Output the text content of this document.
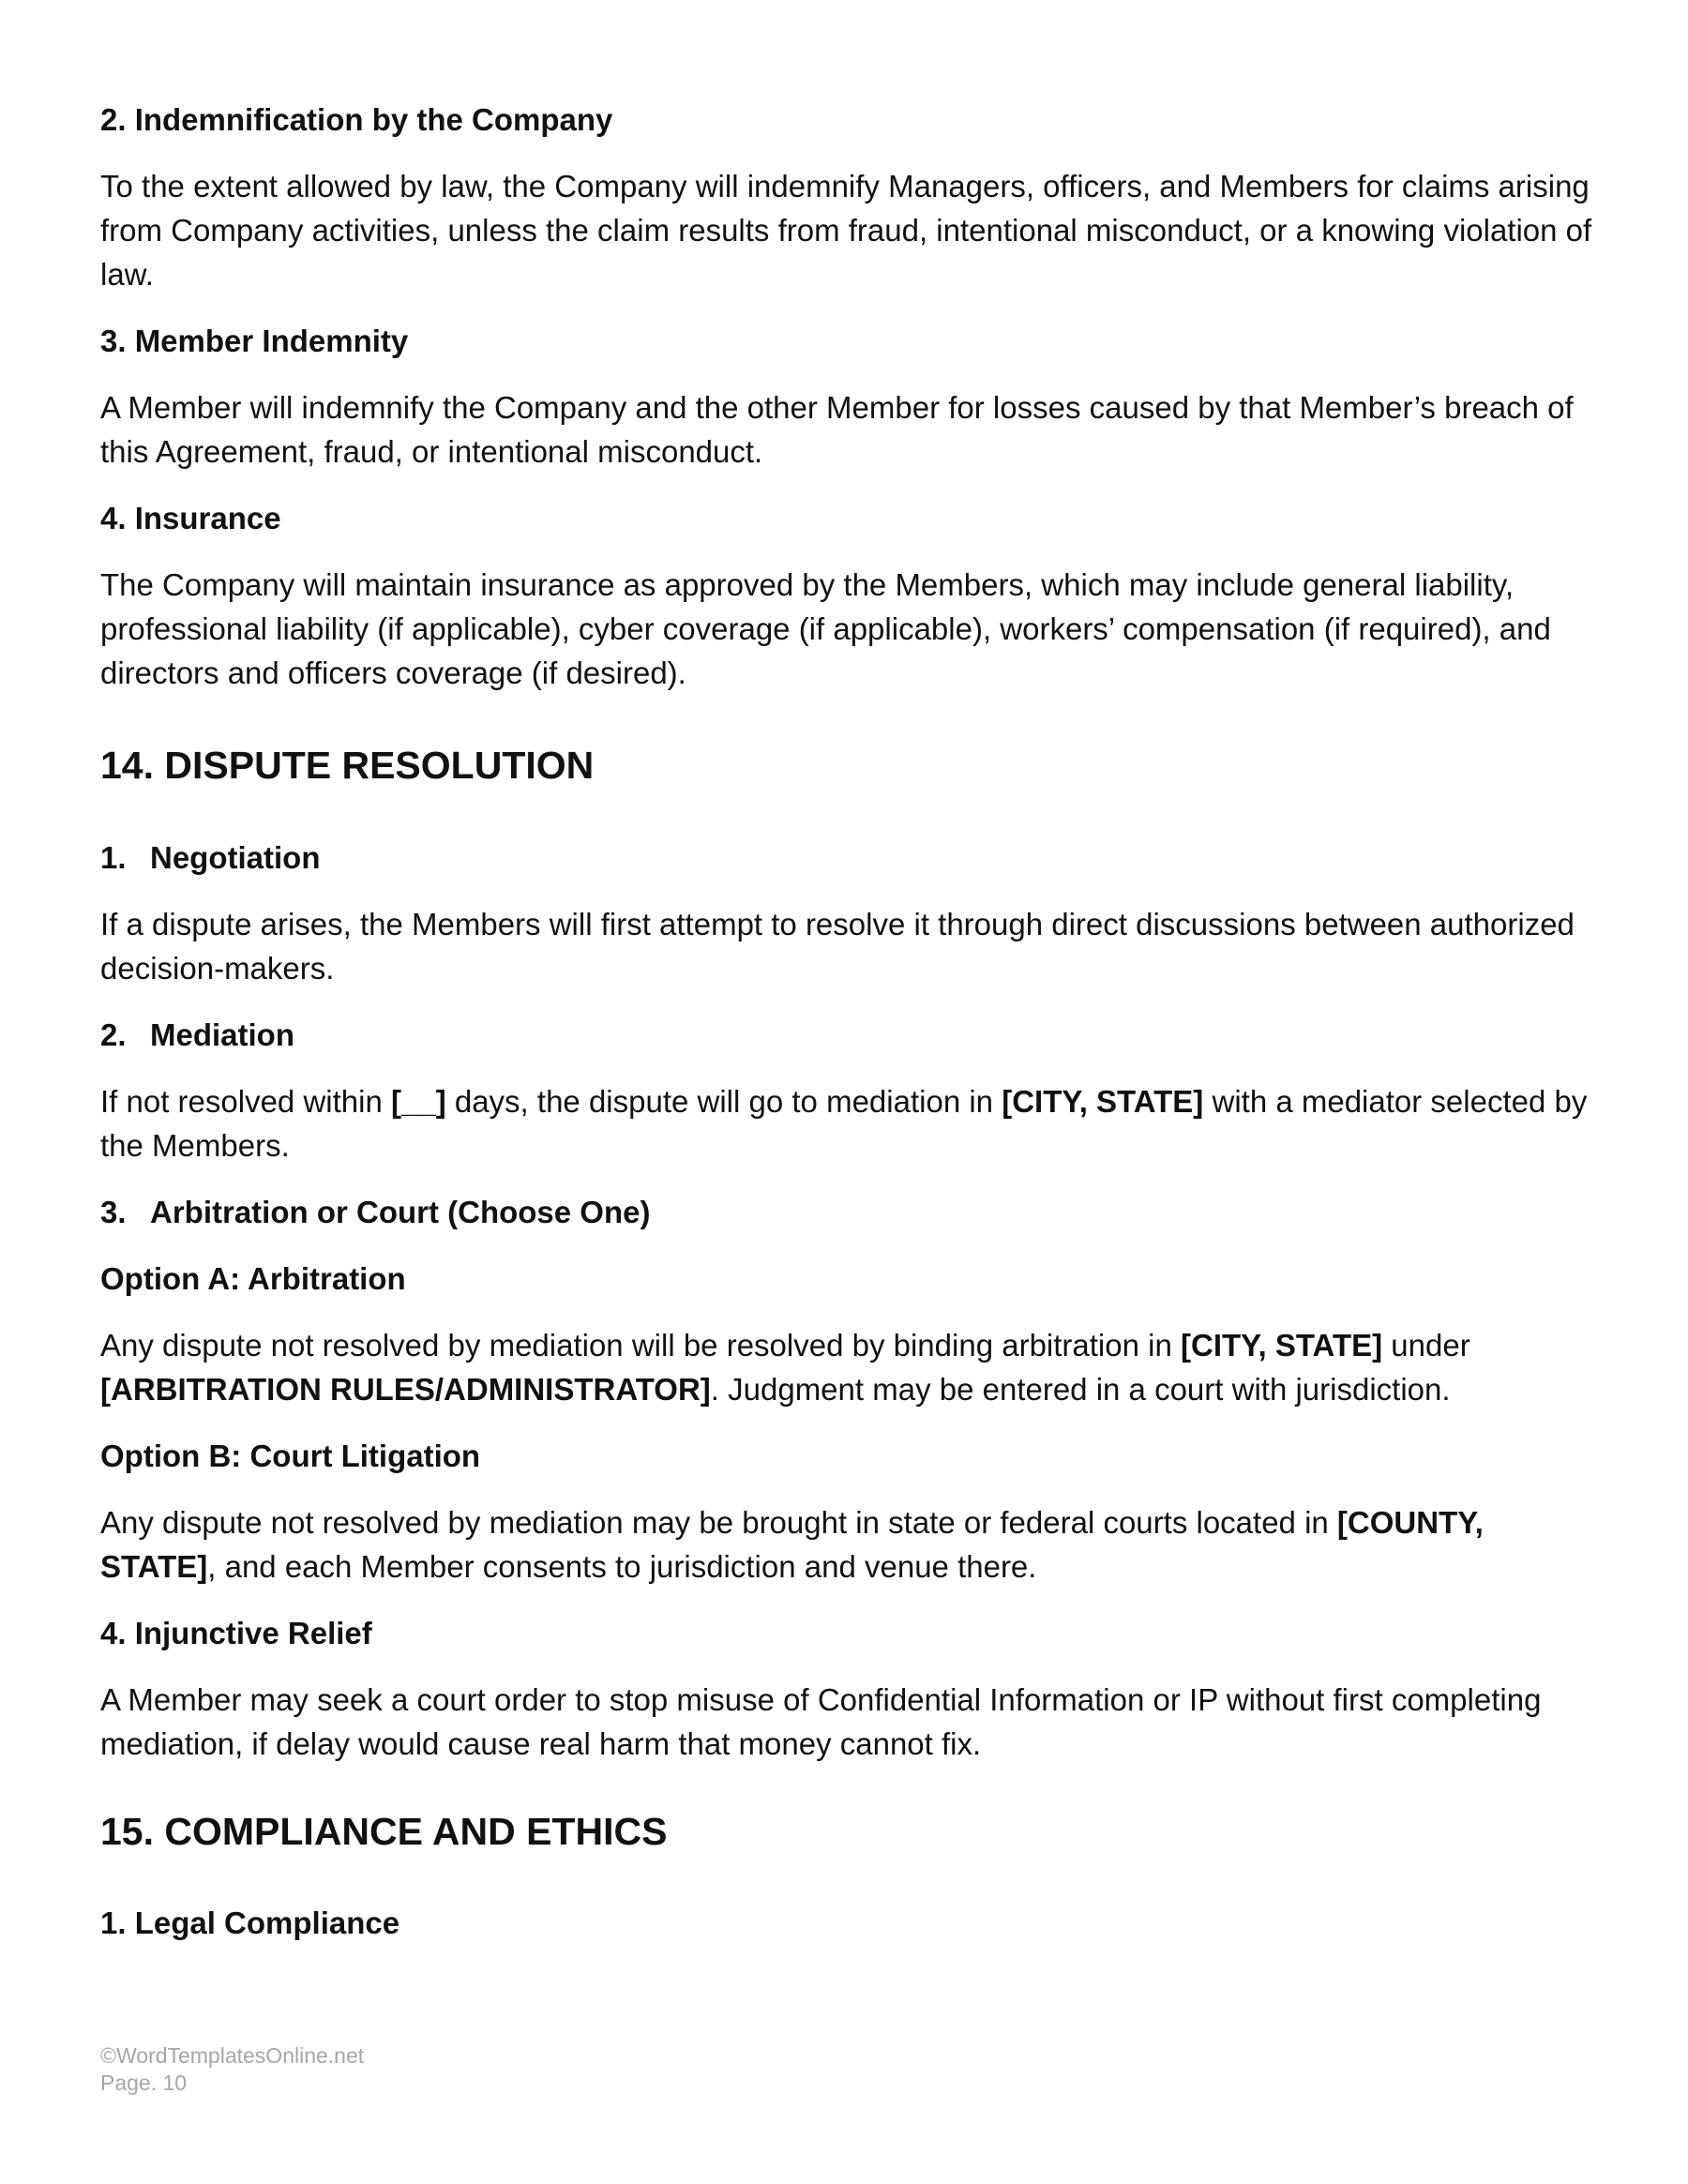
2. Indemnification by the Company

To the extent allowed by law, the Company will indemnify Managers, officers, and Members for claims arising from Company activities, unless the claim results from fraud, intentional misconduct, or a knowing violation of law.

3. Member Indemnity

A Member will indemnify the Company and the other Member for losses caused by that Member’s breach of this Agreement, fraud, or intentional misconduct.

4. Insurance

The Company will maintain insurance as approved by the Members, which may include general liability, professional liability (if applicable), cyber coverage (if applicable), workers’ compensation (if required), and directors and officers coverage (if desired).

14. DISPUTE RESOLUTION

1. Negotiation

If a dispute arises, the Members will first attempt to resolve it through direct discussions between authorized decision-makers.

2. Mediation

If not resolved within [__] days, the dispute will go to mediation in [CITY, STATE] with a mediator selected by the Members.

3. Arbitration or Court (Choose One)

Option A: Arbitration

Any dispute not resolved by mediation will be resolved by binding arbitration in [CITY, STATE] under [ARBITRATION RULES/ADMINISTRATOR]. Judgment may be entered in a court with jurisdiction.

Option B: Court Litigation

Any dispute not resolved by mediation may be brought in state or federal courts located in [COUNTY, STATE], and each Member consents to jurisdiction and venue there.

4. Injunctive Relief

A Member may seek a court order to stop misuse of Confidential Information or IP without first completing mediation, if delay would cause real harm that money cannot fix.

15. COMPLIANCE AND ETHICS

1. Legal Compliance

©WordTemplatesOnline.net
Page. 10
